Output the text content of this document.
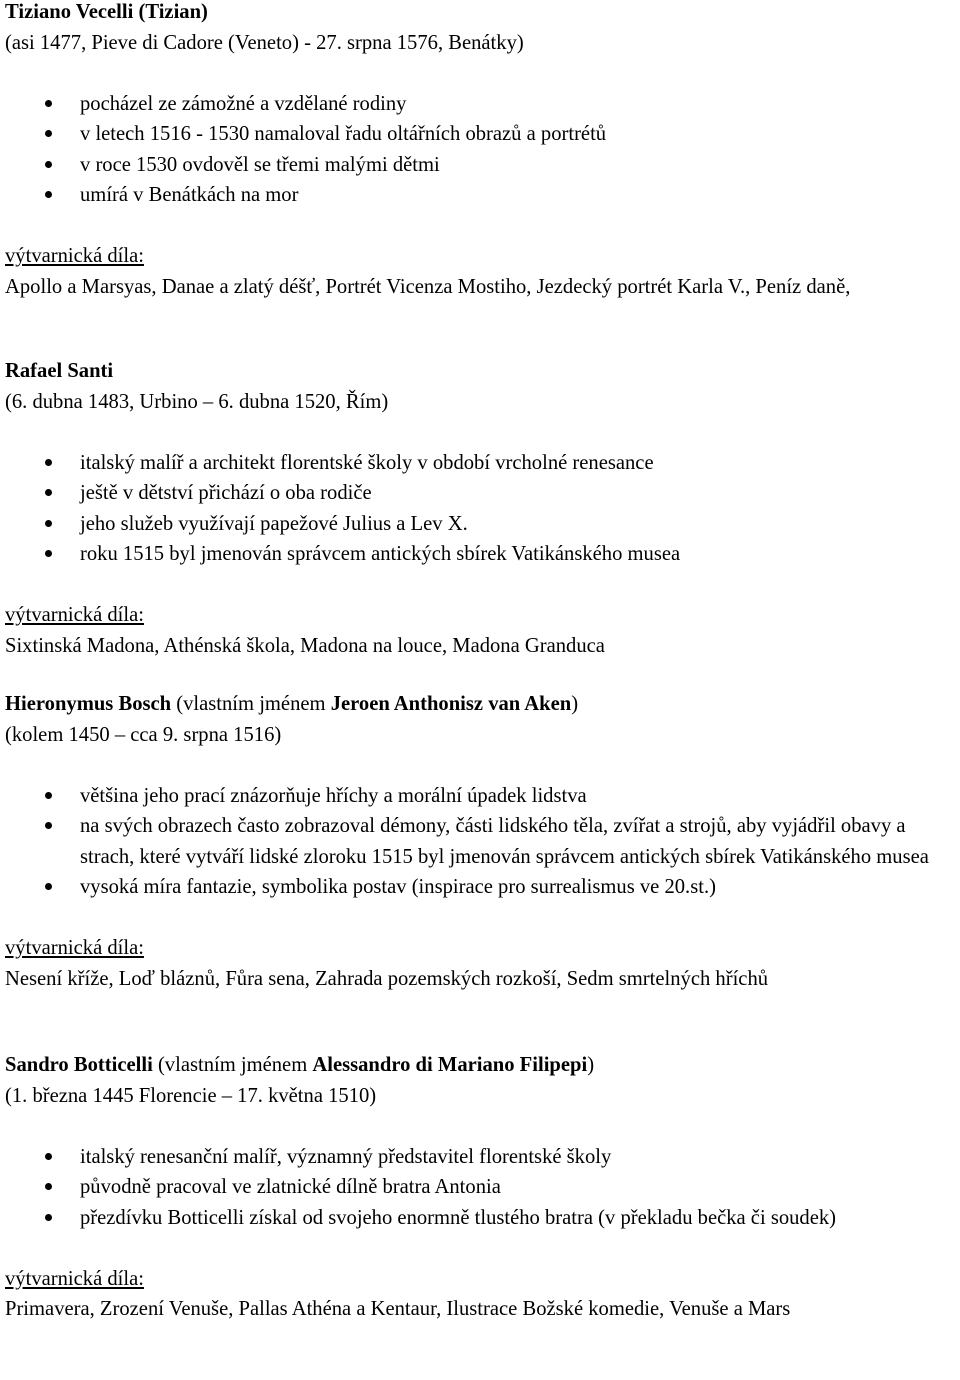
Tiziano Vecelli (Tizian)

(asi 1477, Pieve di Cadore (Veneto) - 27. srpna 1576, Benátky)

pocházel ze zámožné a vzdělané rodiny
v letech 1516 - 1530 namaloval řadu oltářních obrazů a portrétů
v roce 1530 ovdověl se třemi malými dětmi
umírá v Benátkách na mor

výtvarnická díla:

Apollo a Marsyas, Danae a zlatý déšť, Portrét Vicenza Mostiho, Jezdecký portrét Karla V., Peníz daně,

Rafael Santi

(6. dubna 1483, Urbino – 6. dubna 1520, Řím)

italský malíř a architekt florentské školy v období vrcholné renesance
ještě v dětství přichází o oba rodiče
jeho služeb využívají papežové Julius a Lev X.
roku 1515 byl jmenován správcem antických sbírek Vatikánského musea

výtvarnická díla:

Sixtinská Madona, Athénská škola, Madona na louce, Madona Granduca

Hieronymus Bosch (vlastním jménem Jeroen Anthonisz van Aken)

(kolem 1450 – cca 9. srpna 1516)

většina jeho prací znázorňuje hříchy a morální úpadek lidstva
na svých obrazech často zobrazoval démony, části lidského těla, zvířat a strojů, aby vyjádřil obavy a strach, které vytváří lidské zloroku 1515 byl jmenován správcem antických sbírek Vatikánského musea
vysoká míra fantazie, symbolika postav (inspirace pro surrealismus ve 20.st.)

výtvarnická díla:

Nesení kříže, Loď bláznů, Fůra sena, Zahrada pozemských rozkoší, Sedm smrtelných hříchů

Sandro Botticelli (vlastním jménem Alessandro di Mariano Filipepi)

(1. března 1445 Florencie – 17. května 1510)

italský renesanční malíř, významný představitel florentské školy
původně pracoval ve zlatnické dílně bratra Antonia
přezdívku Botticelli získal od svojeho enormně tlustého bratra (v překladu bečka či soudek)

výtvarnická díla:

Primavera, Zrození Venuše, Pallas Athéna a Kentaur, Ilustrace Božské komedie, Venuše a Mars
